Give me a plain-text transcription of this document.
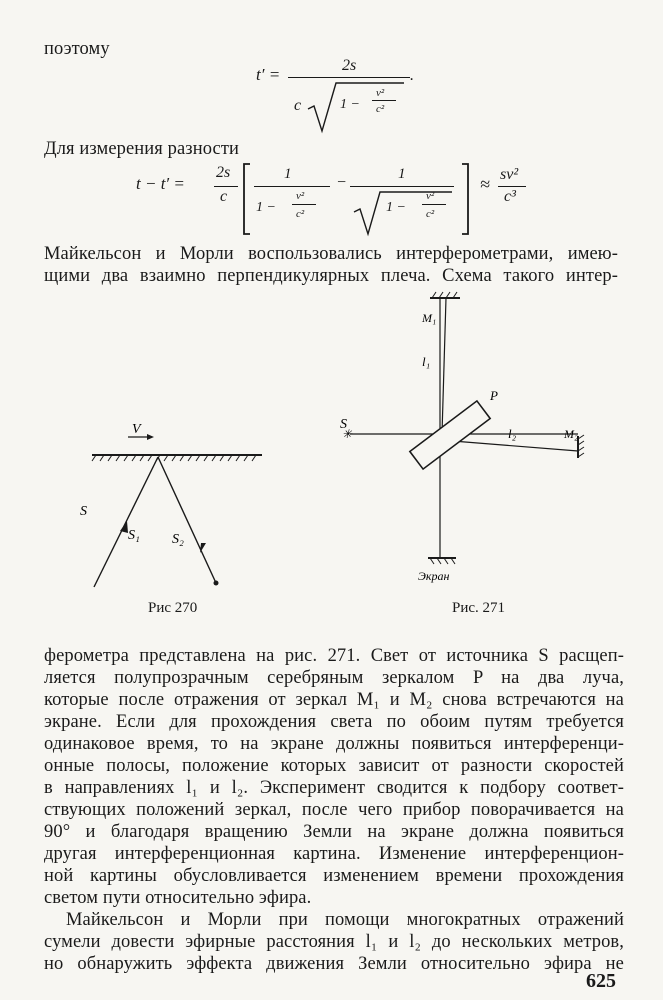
поэтому
t′ =	2s
.
c	1 −
v²
c²
Для измерения разности
t − t′ =
2s
c
1
1 −
v²
c²
−	1
1 −
v²
c²
≈ sv²
c³
Майкельсон и Морли воспользовались интерферометрами, имею-
щими два взаимно перпендикулярных плеча. Схема такого интер-
V
S
S₁ S₂
Рис 270
M₁
l₁
S
✳	M₂
l₂
P
Экран
Рис. 271
ферометра представлена на рис. 271. Свет от источника S расщеп-
ляется полупрозрачным серебряным зеркалом P на два луча,
которые после отражения от зеркал M₁ и M₂ снова встречаются на
экране. Если для прохождения света по обоим путям требуется
одинаковое время, то на экране должны появиться интерференци-
онные полосы, положение которых зависит от разности скоростей
в направлениях l₁ и l₂. Эксперимент сводится к подбору соответ-
ствующих положений зеркал, после чего прибор поворачивается на
90° и благодаря вращению Земли на экране должна появиться
другая интерференционная картина. Изменение интерференцион-
ной картины обусловливается изменением времени прохождения
светом пути относительно эфира.
Майкельсон и Морли при помощи многократных отражений
сумели довести эфирные расстояния l₁ и l₂ до нескольких метров,
но обнаружить эффекта движения Земли относительно эфира не
625
